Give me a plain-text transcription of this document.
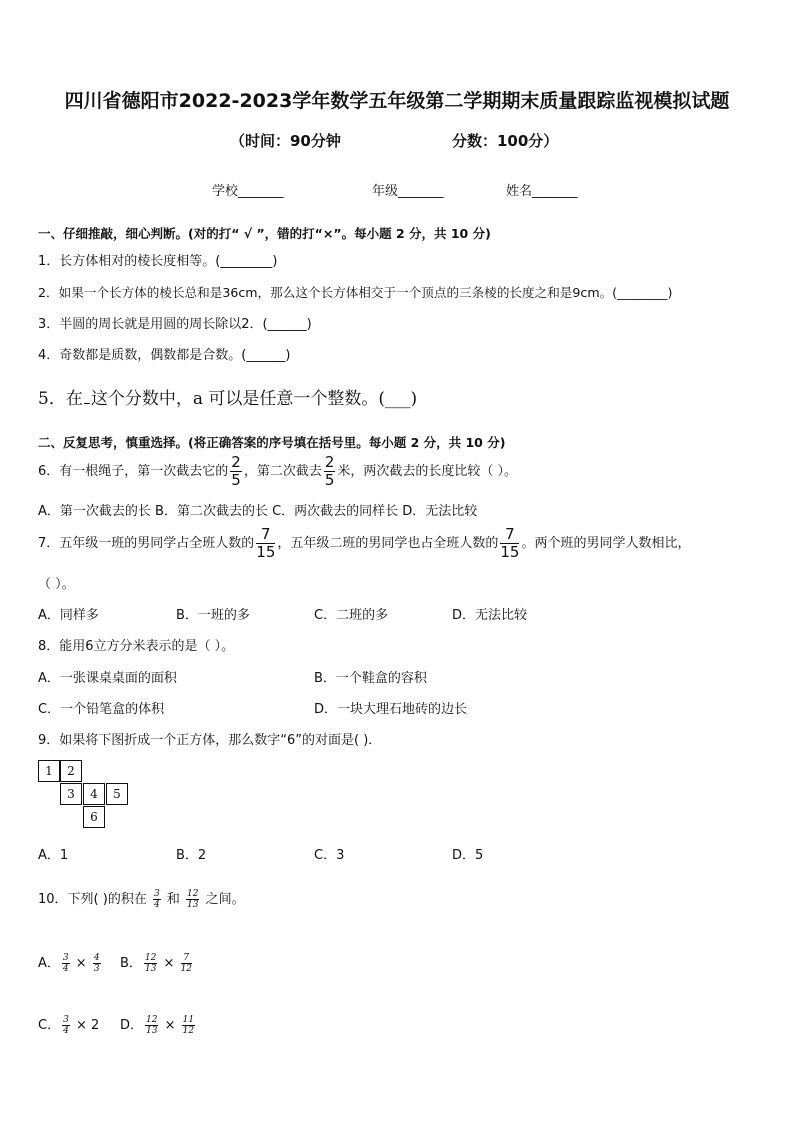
四川省德阳市2022-2023学年数学五年级第二学期期末质量跟踪监视模拟试题
（时间：90分钟	分数：100分）
学校_______	年级_______	姓名_______
一、仔细推敲，细心判断。(对的打“ √ ”，错的打“×”。每小题 2 分，共 10 分)
1．长方体相对的棱长度相等。(________)
2．如果一个长方体的棱长总和是36cm，那么这个长方体相交于一个顶点的三条棱的长度之和是9cm。(________)
3．半圆的周长就是用圆的周长除以2．(______)
4．奇数都是质数，偶数都是合数。(______)
5．在 这个分数中，a 可以是任意一个整数。(___)
二、反复思考，慎重选择。(将正确答案的序号填在括号里。每小题 2 分，共 10 分)
6．有一根绳子，第一次截去它的 $\frac{2}{5}$ ，第二次截去 $\frac{2}{5}$ 米，两次截去的长度比较（ ）。
A．第一次截去的长 B．第二次截去的长 C．两次截去的同样长 D．无法比较
7．五年级一班的男同学占全班人数的 $\frac{7}{15}$ ，五年级二班的男同学也占全班人数的 $\frac{7}{15}$ 。两个班的男同学人数相比，
（ ）。
A．同样多	B．一班的多	C．二班的多	D．无法比较
8．能用6立方分米表示的是（ ）。
A．一张课桌桌面的面积	B．一个鞋盒的容积
C．一个铅笔盒的体积	D．一块大理石地砖的边长
9．如果将下图折成一个正方体，那么数字“6”的对面是( )．
1	2
3	4	5
6
A．1	B．2	C．3	D．5
10．下列( )的积在 $\frac{3}{4}$ 和 $\frac{12}{13}$ 之间。
A． $\frac{3}{4} \times \frac{4}{3}$ B． $\frac{12}{13} \times \frac{7}{12}$
C． $\frac{3}{4} \times 2$ D． $\frac{12}{13} \times \frac{11}{12}$
